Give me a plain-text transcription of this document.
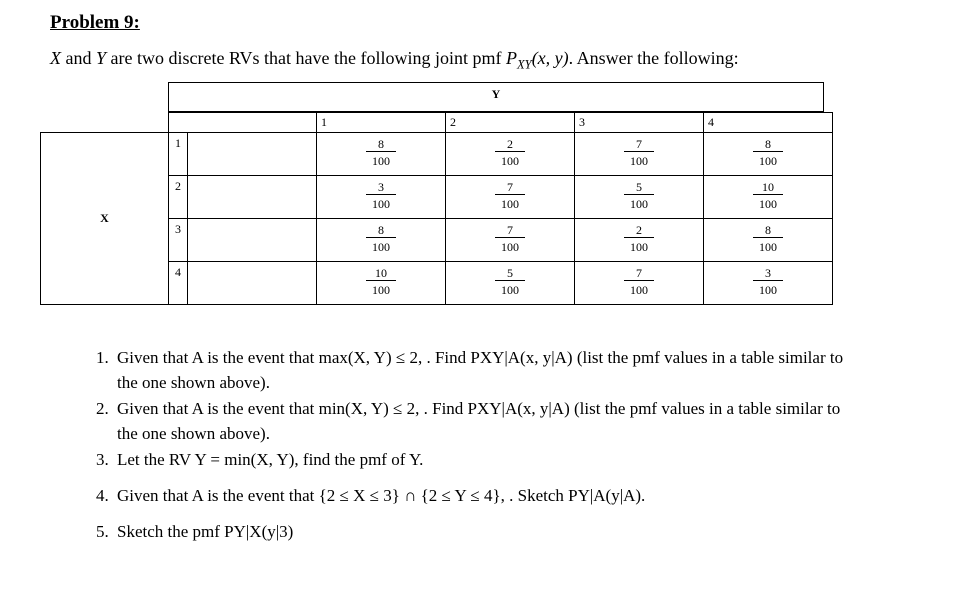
Problem 9:
X and Y are two discrete RVs that have the following joint pmf $P_{XY}(x$, y). Answer the following:
Y
			1	2	3	4
X	1		$\frac{8}{100}$	$\frac{2}{100}$	$\frac{7}{100}$	$\frac{8}{100}$

	2		$\frac{3}{100}$	$\frac{7}{100}$	$\frac{5}{100}$	$\frac{10}{100}$

	3		$\frac{8}{100}$	$\frac{7}{100}$	$\frac{2}{100}$	$\frac{8}{100}$

	4		$\frac{10}{100}$	$\frac{5}{100}$	$\frac{7}{100}$	$\frac{3}{100}$
1. Given that A is the event that max(X, Y) ≤ 2, . Find PXY|A(x, y|A) (list the pmf values in a table similar to the one shown above).
2. Given that A is the event that min(X, Y) ≤ 2, . Find PXY|A(x, y|A) (list the pmf values in a table similar to the one shown above).
3. Let the RV Y = min(X, Y), find the pmf of Y.
4. Given that A is the event that {2 ≤ X ≤ 3} ∩ {2 ≤ Y ≤ 4}, . Sketch PY|A(y|A).
5. Sketch the pmf PY|X(y|3)
